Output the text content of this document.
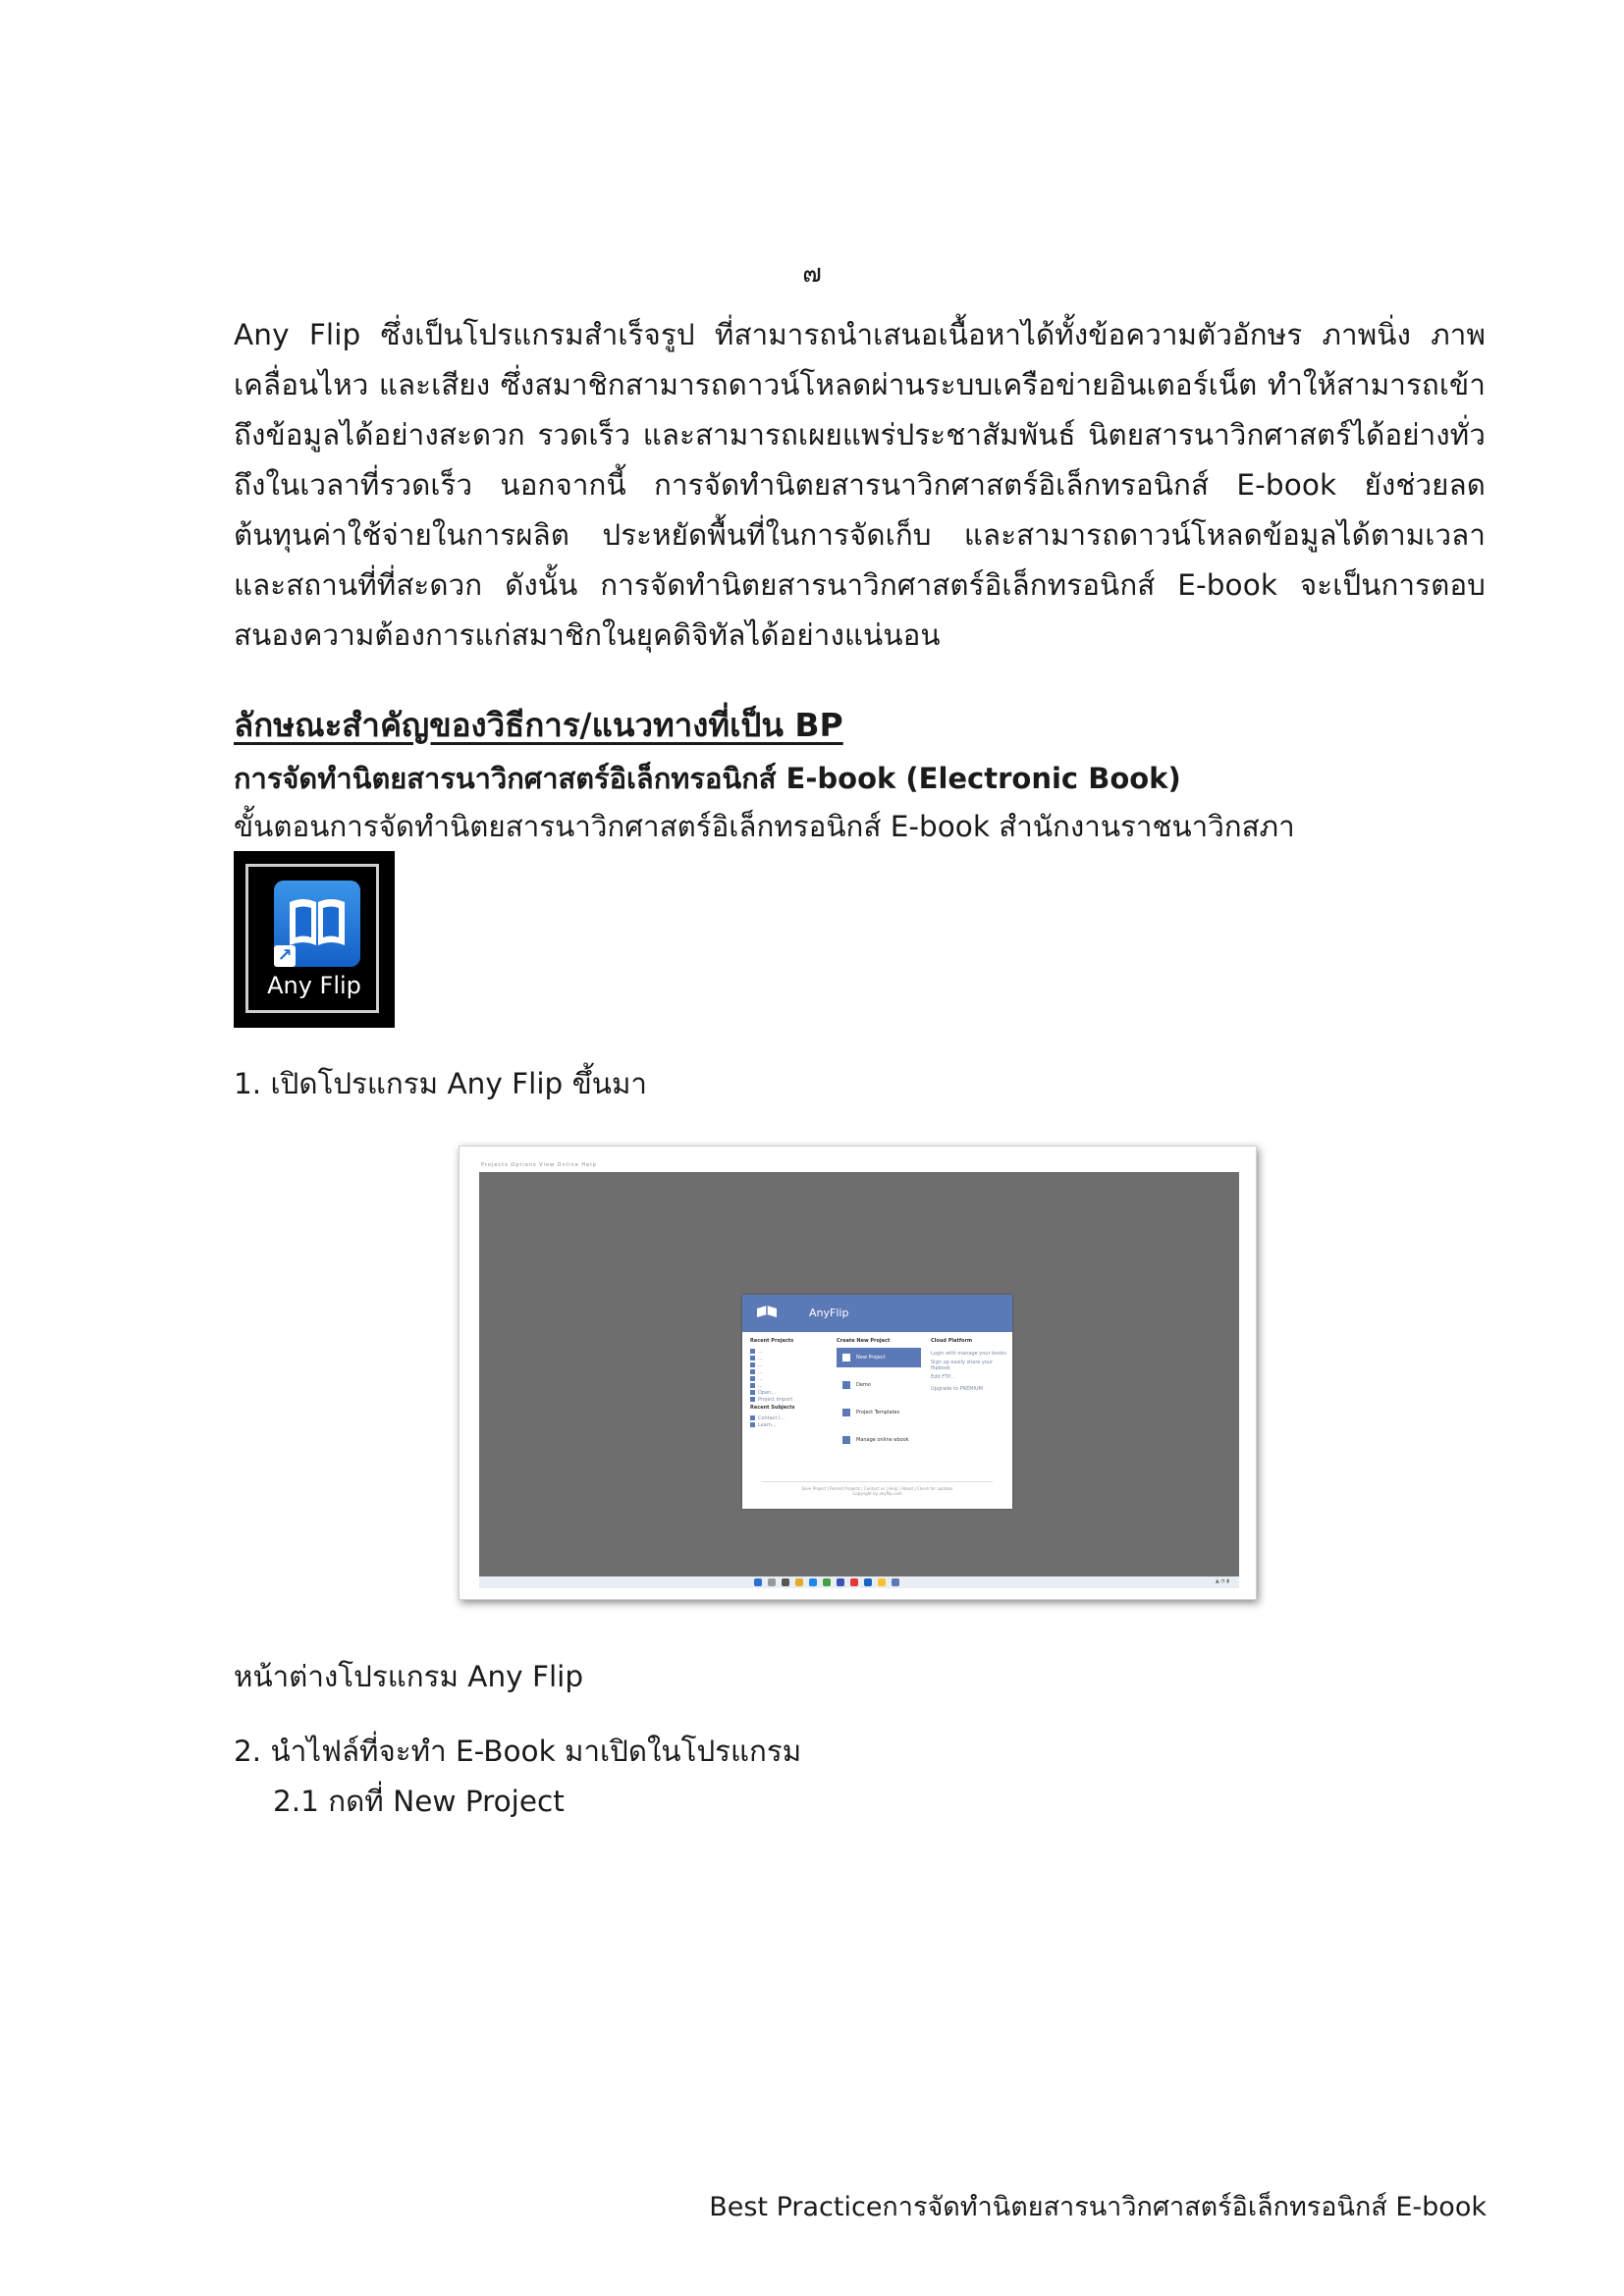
๗
Any Flip ซึ่งเป็นโปรแกรมสำเร็จรูป ที่สามารถนำเสนอเนื้อหาได้ทั้งข้อความตัวอักษร ภาพนิ่ง ภาพเคลื่อนไหว และเสียง ซึ่งสมาชิกสามารถดาวน์โหลดผ่านระบบเครือข่ายอินเตอร์เน็ต ทำให้สามารถเข้าถึงข้อมูลได้อย่างสะดวก รวดเร็ว และสามารถเผยแพร่ประชาสัมพันธ์ นิตยสารนาวิกศาสตร์ได้อย่างทั่วถึงในเวลาที่รวดเร็ว นอกจากนี้ การจัดทำนิตยสารนาวิกศาสตร์อิเล็กทรอนิกส์ E-book ยังช่วยลดต้นทุนค่าใช้จ่ายในการผลิต ประหยัดพื้นที่ในการจัดเก็บ และสามารถดาวน์โหลดข้อมูลได้ตามเวลาและสถานที่ที่สะดวก ดังนั้น การจัดทำนิตยสารนาวิกศาสตร์อิเล็กทรอนิกส์ E-book จะเป็นการตอบสนองความต้องการแก่สมาชิกในยุคดิจิทัลได้อย่างแน่นอน
ลักษณะสำคัญของวิธีการ/แนวทางที่เป็น BP
การจัดทำนิตยสารนาวิกศาสตร์อิเล็กทรอนิกส์ E-book (Electronic Book)
ขั้นตอนการจัดทำนิตยสารนาวิกศาสตร์อิเล็กทรอนิกส์ E-book สำนักงานราชนาวิกสภา
↗
Any Flip
1. เปิดโปรแกรม Any Flip ขึ้นมา
Projects Options View Online Help
AnyFlip
Recent Projects
...
...
...
...
...
...
Open...
Project Import
Recent Subjects
Contact l...
Learn...
Create New Project
New Project
Demo
Project Templates
Manage online ebook
Cloud Platform
Login with manage your books
Sign up easily share your flipbook
Edit FTP...
Upgrade to PREMIUM
Save Project | Recent Projects | Contact us | Help | About | Check for updates
Copyright by anyflip.com
▲ ◔ ▮
หน้าต่างโปรแกรม Any Flip
2. นำไฟล์ที่จะทำ E-Book มาเปิดในโปรแกรม
2.1 กดที่ New Project
Best Practiceการจัดทำนิตยสารนาวิกศาสตร์อิเล็กทรอนิกส์ E-book
